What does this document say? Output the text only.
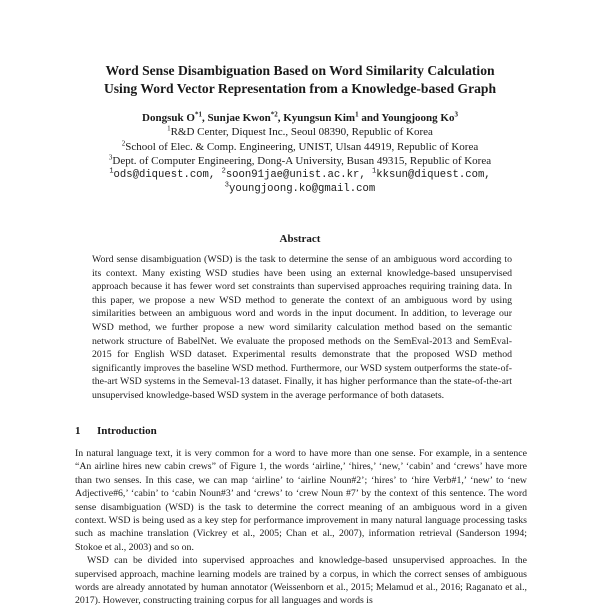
Word Sense Disambiguation Based on Word Similarity Calculation
Using Word Vector Representation from a Knowledge-based Graph
Dongsuk $O^{*1}$, Sunjae Kwon$^{*2}$, Kyungsun Kim$^1$ and Youngjoong Ko$^3$
$^1$R&D Center, Diquest Inc., Seoul 08390, Republic of Korea
$^2$School of Elec. & Comp. Engineering, UNIST, Ulsan 44919, Republic of Korea
$^3$Dept. of Computer Engineering, Dong-A University, Busan 49315, Republic of Korea
$^1$ods@diquest.com, $^2$soon91jae@unist.ac.kr, $^1$kksun@diquest.com,
$^3$youngjoong.ko@gmail.com
Abstract

Word sense disambiguation (WSD) is the task to determine the sense of an ambiguous word according to its context. Many existing WSD studies have been using an external knowledge-based unsupervised approach because it has fewer word set constraints than supervised approaches requiring training data. In this paper, we propose a new WSD method to generate the context of an ambiguous word by using similarities between an ambiguous word and words in the input document. In addition, to leverage our WSD method, we further propose a new word similarity calculation method based on the semantic network structure of BabelNet. We evaluate the proposed methods on the SemEval-2013 and SemEval-2015 for English WSD dataset. Experimental results demonstrate that the proposed WSD method significantly improves the baseline WSD method. Furthermore, our WSD system outperforms the state-of-the-art WSD systems in the Semeval-13 dataset. Finally, it has higher performance than the state-of-the-art unsupervised knowledge-based WSD system in the average performance of both datasets.

1 Introduction

In natural language text, it is very common for a word to have more than one sense. For example, in a sentence “An airline hires new cabin crews” of Figure 1, the words ‘airline,’ ‘hires,’ ‘new,’ ‘cabin’ and ‘crews’ have more than two senses. In this case, we can map ‘airline’ to ‘airline Noun#2’; ‘hires’ to ‘hire Verb#1,’ ‘new’ to ‘new Adjective#6,’ ‘cabin’ to ‘cabin Noun#3’ and ‘crews’ to ‘crew Noun #7’ by the context of this sentence. The word sense disambiguation (WSD) is the task to determine the correct meaning of an ambiguous word in a given context. WSD is being used as a key step for performance improvement in many natural language processing tasks such as machine translation (Vickrey et al., 2005; Chan et al., 2007), information retrieval (Sanderson 1994; Stokoe et al., 2003) and so on.

WSD can be divided into supervised approaches and knowledge-based unsupervised approaches. In the supervised approach, machine learning models are trained by a corpus, in which the correct senses of ambiguous words are already annotated by human annotator (Weissenborn et al., 2015; Melamud et al., 2016; Raganato et al., 2017). However, constructing training corpus for all languages and words is
